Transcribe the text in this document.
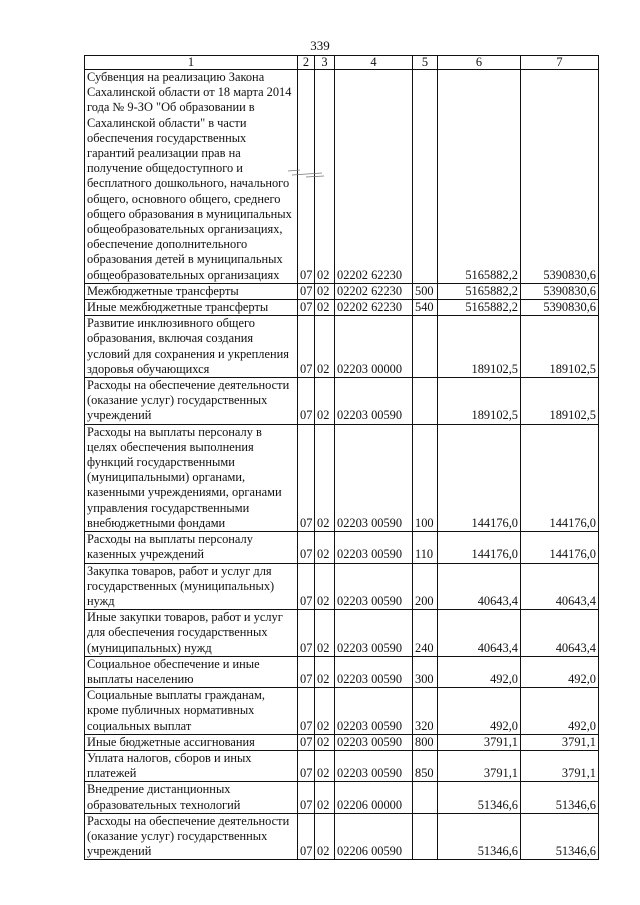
339
1	2	3	4	5	6	7
Субвенция на реализацию Закона Сахалинской области от 18 марта 2014 года № 9-ЗО "Об образовании в Сахалинской области" в части обеспечения государственных гарантий реализации прав на получение общедоступного и бесплатного дошкольного, начального общего, основного общего, среднего общего образования в муниципальных общеобразовательных организациях, обеспечение дополнительного образования детей в муниципальных общеобразовательных организациях	07	02	02202 62230		5165882,2	5390830,6
Межбюджетные трансферты	07	02	02202 62230	500	5165882,2	5390830,6
Иные межбюджетные трансферты	07	02	02202 62230	540	5165882,2	5390830,6
Развитие инклюзивного общего образования, включая создания условий для сохранения и укрепления здоровья обучающихся	07	02	02203 00000		189102,5	189102,5
Расходы на обеспечение деятельности (оказание услуг) государственных учреждений	07	02	02203 00590		189102,5	189102,5
Расходы на выплаты персоналу в целях обеспечения выполнения функций государственными (муниципальными) органами, казенными учреждениями, органами управления государственными внебюджетными фондами	07	02	02203 00590	100	144176,0	144176,0
Расходы на выплаты персоналу казенных учреждений	07	02	02203 00590	110	144176,0	144176,0
Закупка товаров, работ и услуг для государственных (муниципальных) нужд	07	02	02203 00590	200	40643,4	40643,4
Иные закупки товаров, работ и услуг для обеспечения государственных (муниципальных) нужд	07	02	02203 00590	240	40643,4	40643,4
Социальное обеспечение и иные выплаты населению	07	02	02203 00590	300	492,0	492,0
Социальные выплаты гражданам, кроме публичных нормативных социальных выплат	07	02	02203 00590	320	492,0	492,0
Иные бюджетные ассигнования	07	02	02203 00590	800	3791,1	3791,1
Уплата налогов, сборов и иных платежей	07	02	02203 00590	850	3791,1	3791,1
Внедрение дистанционных образовательных технологий	07	02	02206 00000		51346,6	51346,6
Расходы на обеспечение деятельности (оказание услуг) государственных учреждений	07	02	02206 00590		51346,6	51346,6
